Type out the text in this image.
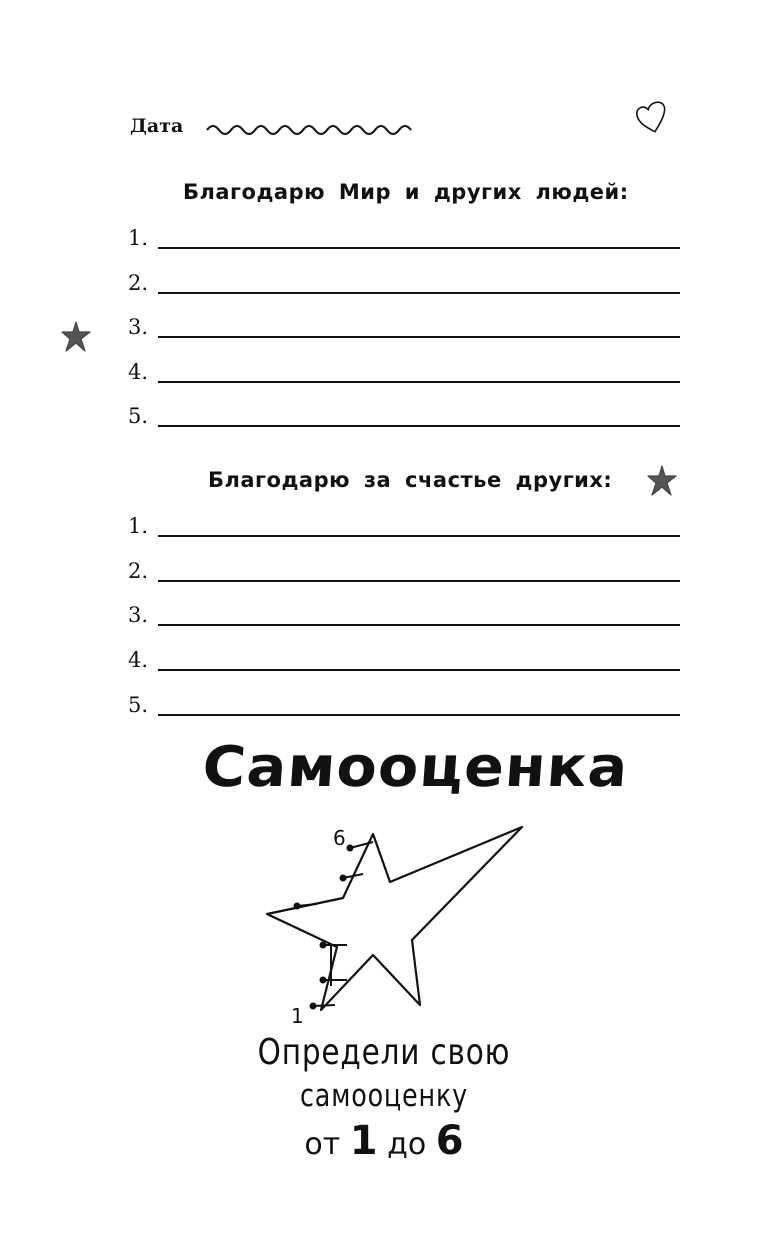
Дата
Благодарю Мир и других людей:
1.
2.
3.
4.
5.
Благодарю за счастье других:
1.
2.
3.
4.
5.
Самооценка
6
1
Определи свою
самооценку
от 1 до 6
